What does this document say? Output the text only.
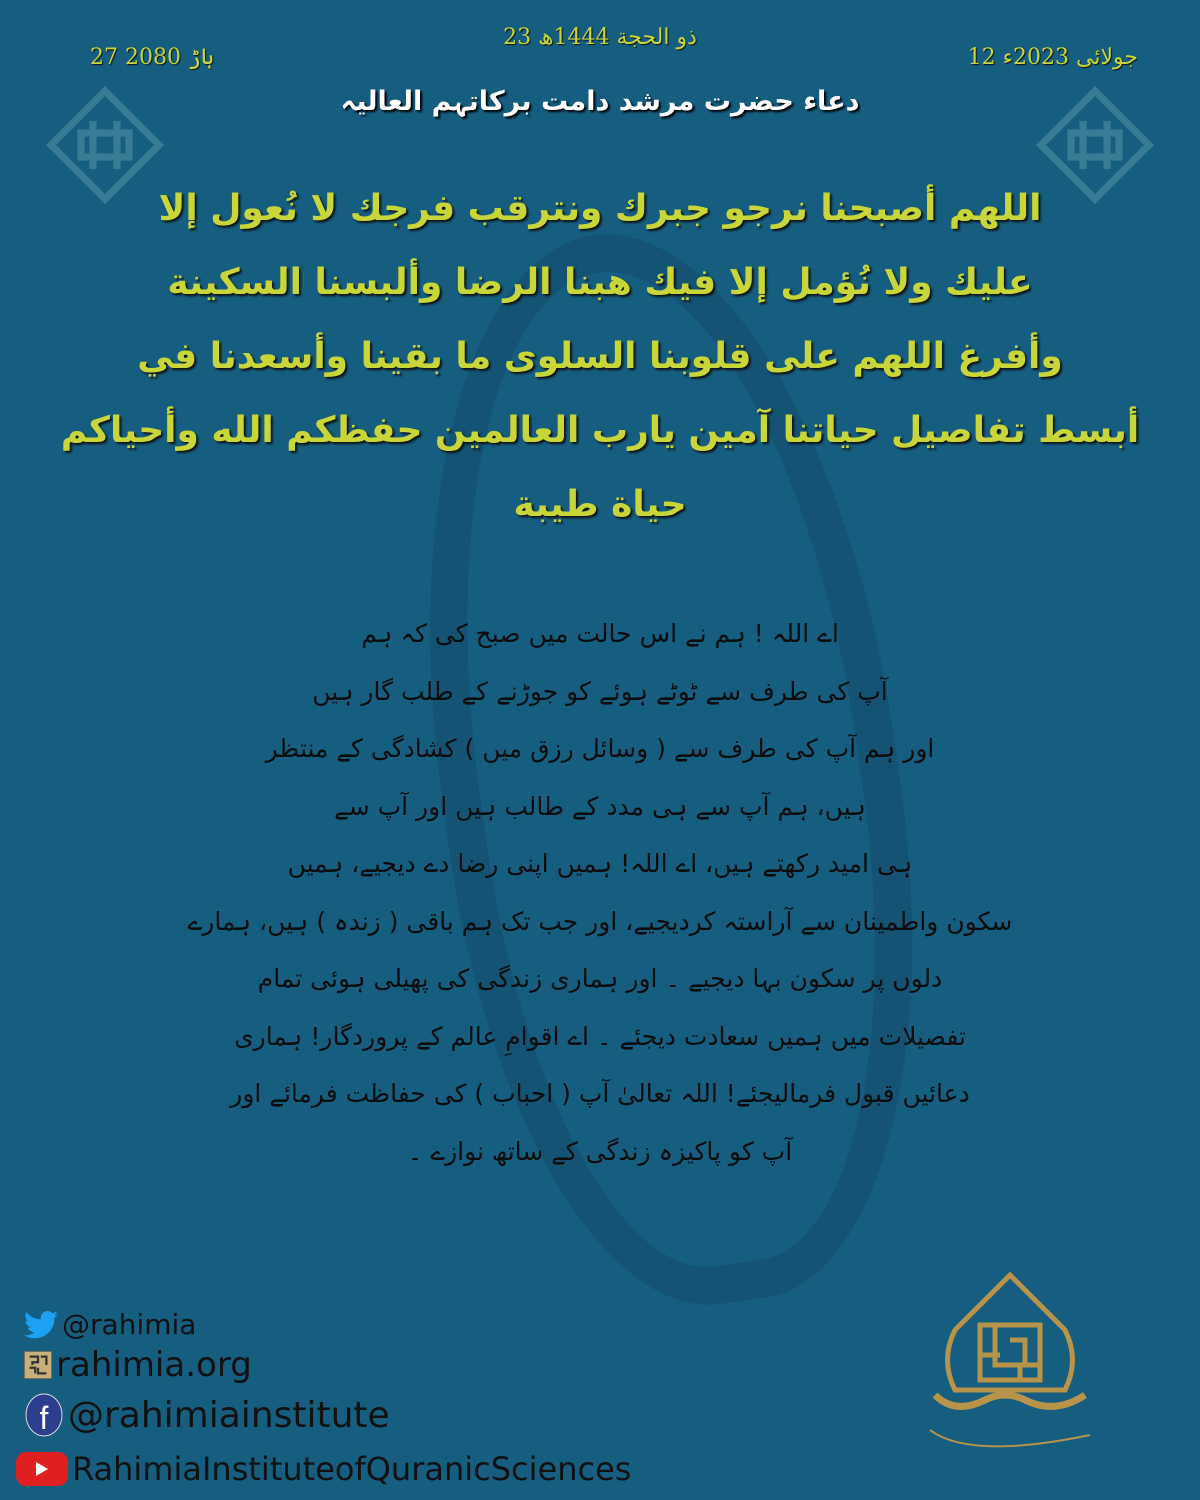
12 جولائی 2023ء
23 ذو الحجة 1444ھ
27 ہاڑ 2080
دعاء حضرت مرشد دامت برکاتہم العالیہ
اللهم أصبحنا نرجو جبرك ونترقب فرجك لا نُعول إلا
عليك ولا نُؤمل إلا فيك هبنا الرضا وألبسنا السكينة
وأفرغ اللهم على قلوبنا السلوى ما بقينا وأسعدنا في
أبسط تفاصيل حياتنا آمين يارب العالمين حفظكم الله وأحياكم
حياة طيبة
اے اللہ ! ہم نے اس حالت میں صبح کی کہ ہم
آپ کی طرف سے ٹوٹے ہوئے کو جوڑنے کے طلب گار ہیں
اور ہم آپ کی طرف سے ( وسائل رزق میں ) کشادگی کے منتظر
ہیں، ہم آپ سے ہی مدد کے طالب ہیں اور آپ سے
ہی امید رکھتے ہیں، اے اللہ! ہمیں اپنی رضا دے دیجیے، ہمیں
سکون واطمینان سے آراستہ کردیجیے، اور جب تک ہم باقی ( زندہ ) ہیں، ہمارے
دلوں پر سکون بہا دیجیے ۔ اور ہماری زندگی کی پھیلی ہوئی تمام
تفصیلات میں ہمیں سعادت دیجئے ۔ اے اقوامِ عالم کے پروردگار! ہماری
دعائیں قبول فرمالیجئے! اللہ تعالیٰ آپ ( احباب ) کی حفاظت فرمائے اور
آپ کو پاکیزہ زندگی کے ساتھ نوازے ۔
@rahimia
rahimia.org
f @rahimiainstitute
RahimiaInstituteofQuranicSciences
